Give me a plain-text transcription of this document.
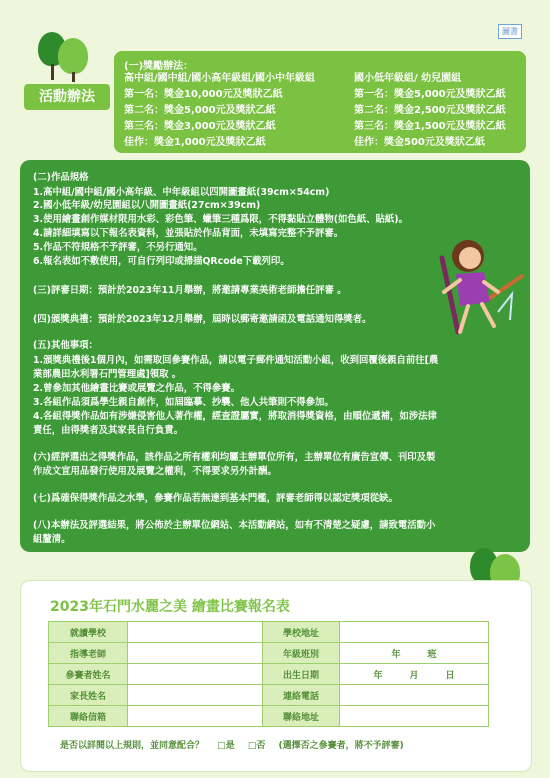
圖書
活動辦法
(一)獎勵辦法：
高中組/國中組/國小高年級組/國小中年級組
第一名：獎金10,000元及獎狀乙紙
第二名：獎金5,000元及獎狀乙紙
第三名：獎金3,000元及獎狀乙紙
佳作：獎金1,000元及獎狀乙紙
國小低年級組/ 幼兒園組
第一名：獎金5,000元及獎狀乙紙
第二名：獎金2,500元及獎狀乙紙
第三名：獎金1,500元及獎狀乙紙
佳作：獎金500元及獎狀乙紙
(二)作品規格
1.高中組/國中組/國小高年級、中年級組以四開圖畫紙(39cm×54cm)
2.國小低年級/幼兒園組以八開圖畫紙(27cm×39cm)
3.使用繪畫創作媒材限用水彩、彩色筆、蠟筆三種爲限，不得黏貼立體物(如色紙、貼紙)。
4.請詳細填寫以下報名表資料，並張貼於作品背面，未填寫完整不予評審。
5.作品不符規格不予評審，不另行通知。
6.報名表如不敷使用，可自行列印或掃描QRcode下載列印。
(三)評審日期：預計於2023年11月舉辦，將邀請專業美術老師擔任評審 。
(四)頒獎典禮：預計於2023年12月舉辦，屆時以郵寄邀請函及電話通知得獎者。
(五)其他事項：
1.頒獎典禮後1個月內，如需取回參賽作品，請以電子郵件通知活動小組，收到回覆後親自前往[農
業部農田水利署石門管理處]領取 。
2.曾參加其他繪畫比賽或展覽之作品，不得參賽。
3.各組作品須爲學生親自創作，如屆臨摹、抄襲、他人共筆則不得參加。
4.各組得獎作品如有涉嫌侵害他人著作權，經查證屬實，將取消得獎資格，由順位遞補，如涉法律
責任，由得獎者及其家長自行負責。
(六)經評選出之得獎作品，該作品之所有權利均屬主辦單位所有，主辦單位有廣告宣傳、刊印及製
作成文宣用品發行使用及展覽之權利，不得要求另外計酬。
(七)爲確保得獎作品之水準，參賽作品若無達到基本門檻，評審老師得以認定獎項從缺。
(八)本辦法及評選結果，將公佈於主辦單位網站、本活動網站，如有不清楚之疑慮，請致電活動小
組釐清。
2023年石門水麗之美 繪畫比賽報名表
就讀學校		學校地址	
指導老師		年級班別	年　　　班
參賽者姓名		出生日期	年　　　月　　　日
家長姓名		連絡電話	
聯絡信箱		聯絡地址	
是否以詳閱以上規則，並同意配合？ □是 □否 (選擇否之參賽者，將不予評審)
